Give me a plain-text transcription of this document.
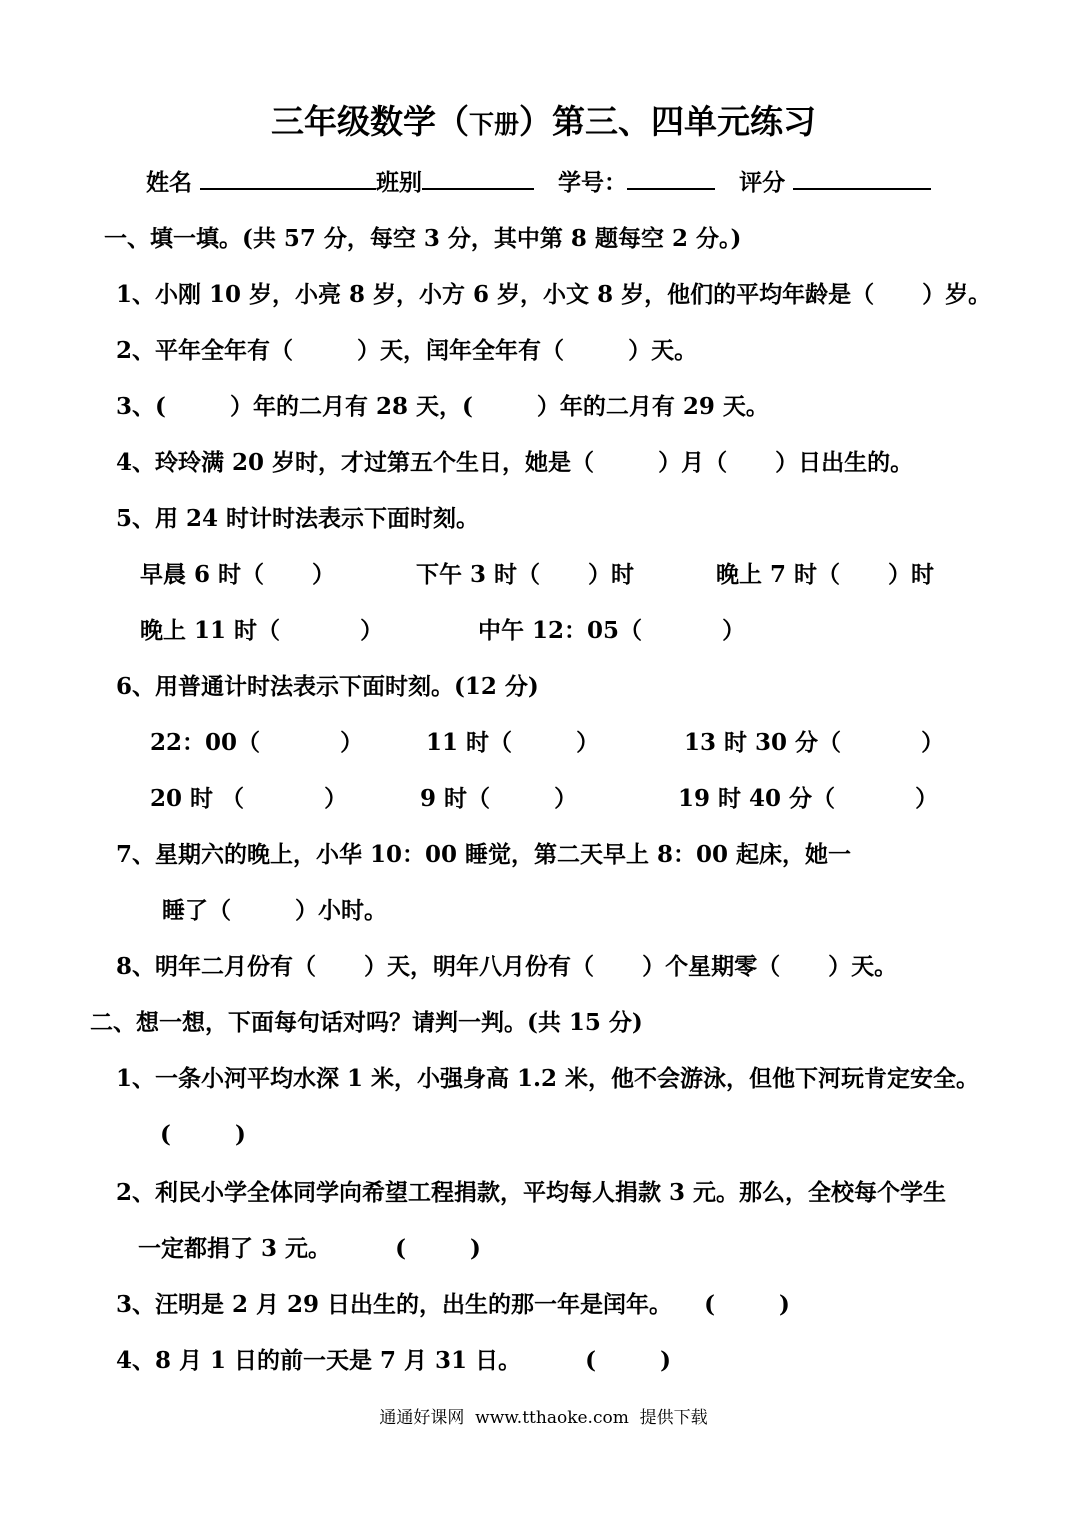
三年级数学（下册）第三、四单元练习
姓名	班别	学号：	评分
一、填一填。(共 57 分，每空 3 分，其中第 8 题每空 2 分。)
1、小刚 10 岁，小亮 8 岁，小方 6 岁，小文 8 岁，他们的平均年龄是（      ）岁。
2、平年全年有（        ）天，闰年全年有（        ）天。
3、(        ）年的二月有 28 天，(        ）年的二月有 29 天。
4、玲玲满 20 岁时，才过第五个生日，她是（        ）月（      ）日出生的。
5、用 24 时计时法表示下面时刻。
早晨 6 时（      ）	下午 3 时（      ）时	晚上 7 时（      ）时
晚上 11 时（          ）	中午 12：05（          ）
6、用普通计时法表示下面时刻。(12 分)
22：00（          ）	11 时（        ）	13 时 30 分（          ）
20 时 （          ）	9 时（        ）	19 时 40 分（          ）
7、星期六的晚上，小华 10：00 睡觉，第二天早上 8：00 起床，她一
睡了（        ）小时。
8、明年二月份有（      ）天，明年八月份有（      ）个星期零（      ）天。
二、想一想，下面每句话对吗？请判一判。(共 15 分)
1、一条小河平均水深 1 米，小强身高 1.2 米，他不会游泳，但他下河玩肯定安全。
(        )
2、利民小学全体同学向希望工程捐款，平均每人捐款 3 元。那么，全校每个学生
一定都捐了 3 元。        (        )
3、汪明是 2 月 29 日出生的，出生的那一年是闰年。    (        )
4、8 月 1 日的前一天是 7 月 31 日。        (        )
通通好课网  www.tthaoke.com  提供下载
